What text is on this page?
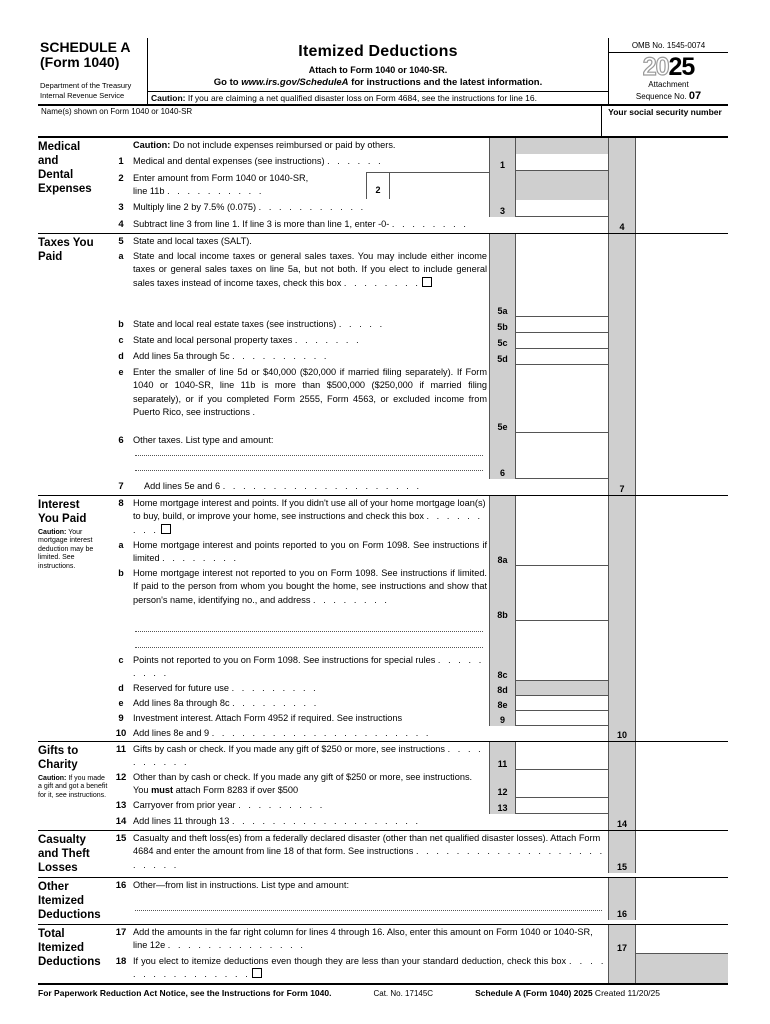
SCHEDULE A
(Form 1040)
Department of the Treasury
Internal Revenue Service
Itemized Deductions
Attach to Form 1040 or 1040-SR.
Go to www.irs.gov/ScheduleA for instructions and the latest information.
Caution: If you are claiming a net qualified disaster loss on Form 4684, see the instructions for line 16.
OMB No. 1545-0074
2025
Attachment
Sequence No. 07
Name(s) shown on Form 1040 or 1040-SR	Your social security number
Medical
and
Dental
Expenses
Caution: Do not include expenses reimbursed or paid by others.
1	Medical and dental expenses (see instructions) . . . . . .	1
2	Enter amount from Form 1040 or 1040-SR,
line 11b . . . . . . . . . .	2
3	Multiply line 2 by 7.5% (0.075) . . . . . . . . . . .	3
4	Subtract line 3 from line 1. If line 3 is more than line 1, enter -0- . . . . . . . .	4
Taxes You
Paid
5	State and local taxes (SALT).
a	State and local income taxes or general sales taxes. You may include either income taxes or general sales taxes on line 5a, but not both. If you elect to include general sales taxes instead of income taxes, check this box . . . . . . . .
5a
b	State and local real estate taxes (see instructions) . . . . .	5b
c	State and local personal property taxes . . . . . . .	5c
d	Add lines 5a through 5c . . . . . . . . . .	5d
e	Enter the smaller of line 5d or $40,000 ($20,000 if married filing separately). If Form 1040 or 1040-SR, line 11b is more than $500,000 ($250,000 if married filing separately), or if you completed Form 2555, Form 4563, or excluded income from Puerto Rico, see instructions .
5e
6	Other taxes. List type and amount:
6
7	Add lines 5e and 6 . . . . . . . . . . . . . . . . . . . .	7
Interest
You Paid
Caution: Your mortgage interest deduction may be limited. See instructions.
8	Home mortgage interest and points. If you didn't use all of your home mortgage loan(s) to buy, build, or improve your home, see instructions and check this box . . . . . . . . .
a	Home mortgage interest and points reported to you on Form 1098. See instructions if limited . . . . . . . .	8a
b	Home mortgage interest not reported to you on Form 1098. See instructions if limited. If paid to the person from whom you bought the home, see instructions and show that person's name, identifying no., and address . . . . . . . .
8b
c	Points not reported to you on Form 1098. See instructions for special rules . . . . . . . . .	8c
d	Reserved for future use . . . . . . . . .	8d
e	Add lines 8a through 8c . . . . . . . . .	8e
9	Investment interest. Attach Form 4952 if required. See instructions	9
10 Add lines 8e and 9 . . . . . . . . . . . . . . . . . . . . . .	10
Gifts to
Charity
Caution: If you made a gift and got a benefit for it, see instructions.
11 Gifts by cash or check. If you made any gift of $250 or more, see instructions . . . . . . . . . .	11
12 Other than by cash or check. If you made any gift of $250 or more, see instructions. You must attach Form 8283 if over $500	12
13 Carryover from prior year . . . . . . . . .	13
14 Add lines 11 through 13 . . . . . . . . . . . . . . . . . . .	14
Casualty
and Theft
Losses
15 Casualty and theft loss(es) from a federally declared disaster (other than net qualified disaster losses). Attach Form 4684 and enter the amount from line 18 of that form. See instructions . . . . . . . . . . . . . . . . . . . . . . . .	15
Other
Itemized
Deductions
16 Other—from list in instructions. List type and amount:
16
Total
Itemized
Deductions
17 Add the amounts in the far right column for lines 4 through 16. Also, enter this amount on Form 1040 or 1040-SR, line 12e . . . . . . . . . . . . . .	17
18 If you elect to itemize deductions even though they are less than your standard deduction, check this box . . . . . . . . . . . . . . . .
For Paperwork Reduction Act Notice, see the Instructions for Form 1040.	Cat. No. 17145C	Schedule A (Form 1040) 2025 Created 11/20/25
